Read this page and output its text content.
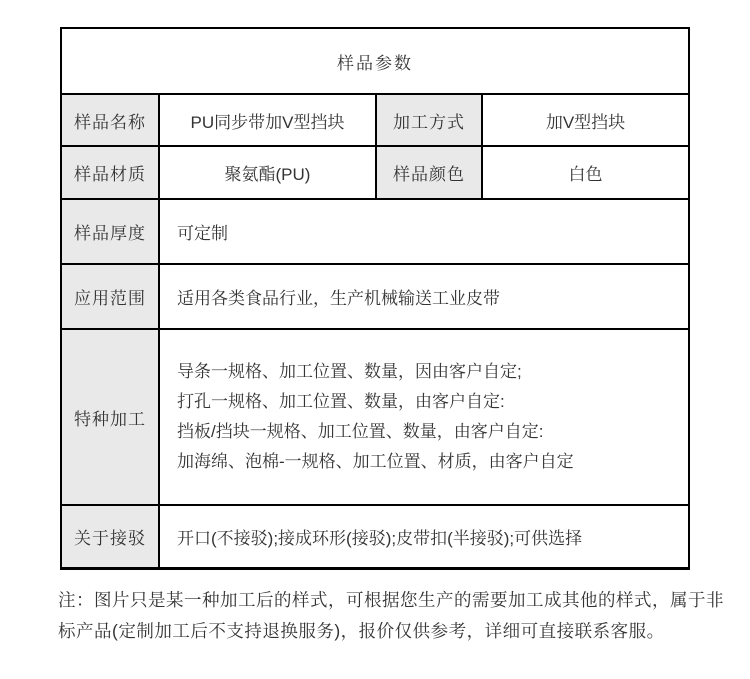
样品参数			
样品名称	PU同步带加V型挡块	加工方式	加V型挡块
样品材质	聚氨酯(PU)	样品颜色	白色
样品厚度	可定制		
应用范围	适用各类食品行业，生产机械输送工业皮带		
特种加工	导条一规格、加工位置、数量，因由客户自定;
打孔一规格、加工位置、数量，由客户自定:
挡板/挡块一规格、加工位置、数量，由客户自定:
加海绵、泡棉-一规格、加工位置、材质，由客户自定		

关于接驳	开口(不接驳);接成环形(接驳);皮带扣(半接驳);可供选择		
注：图片只是某一种加工后的样式，可根据您生产的需要加工成其他的样式，属于非
标产品(定制加工后不支持退换服务)，报价仅供参考，详细可直接联系客服。
